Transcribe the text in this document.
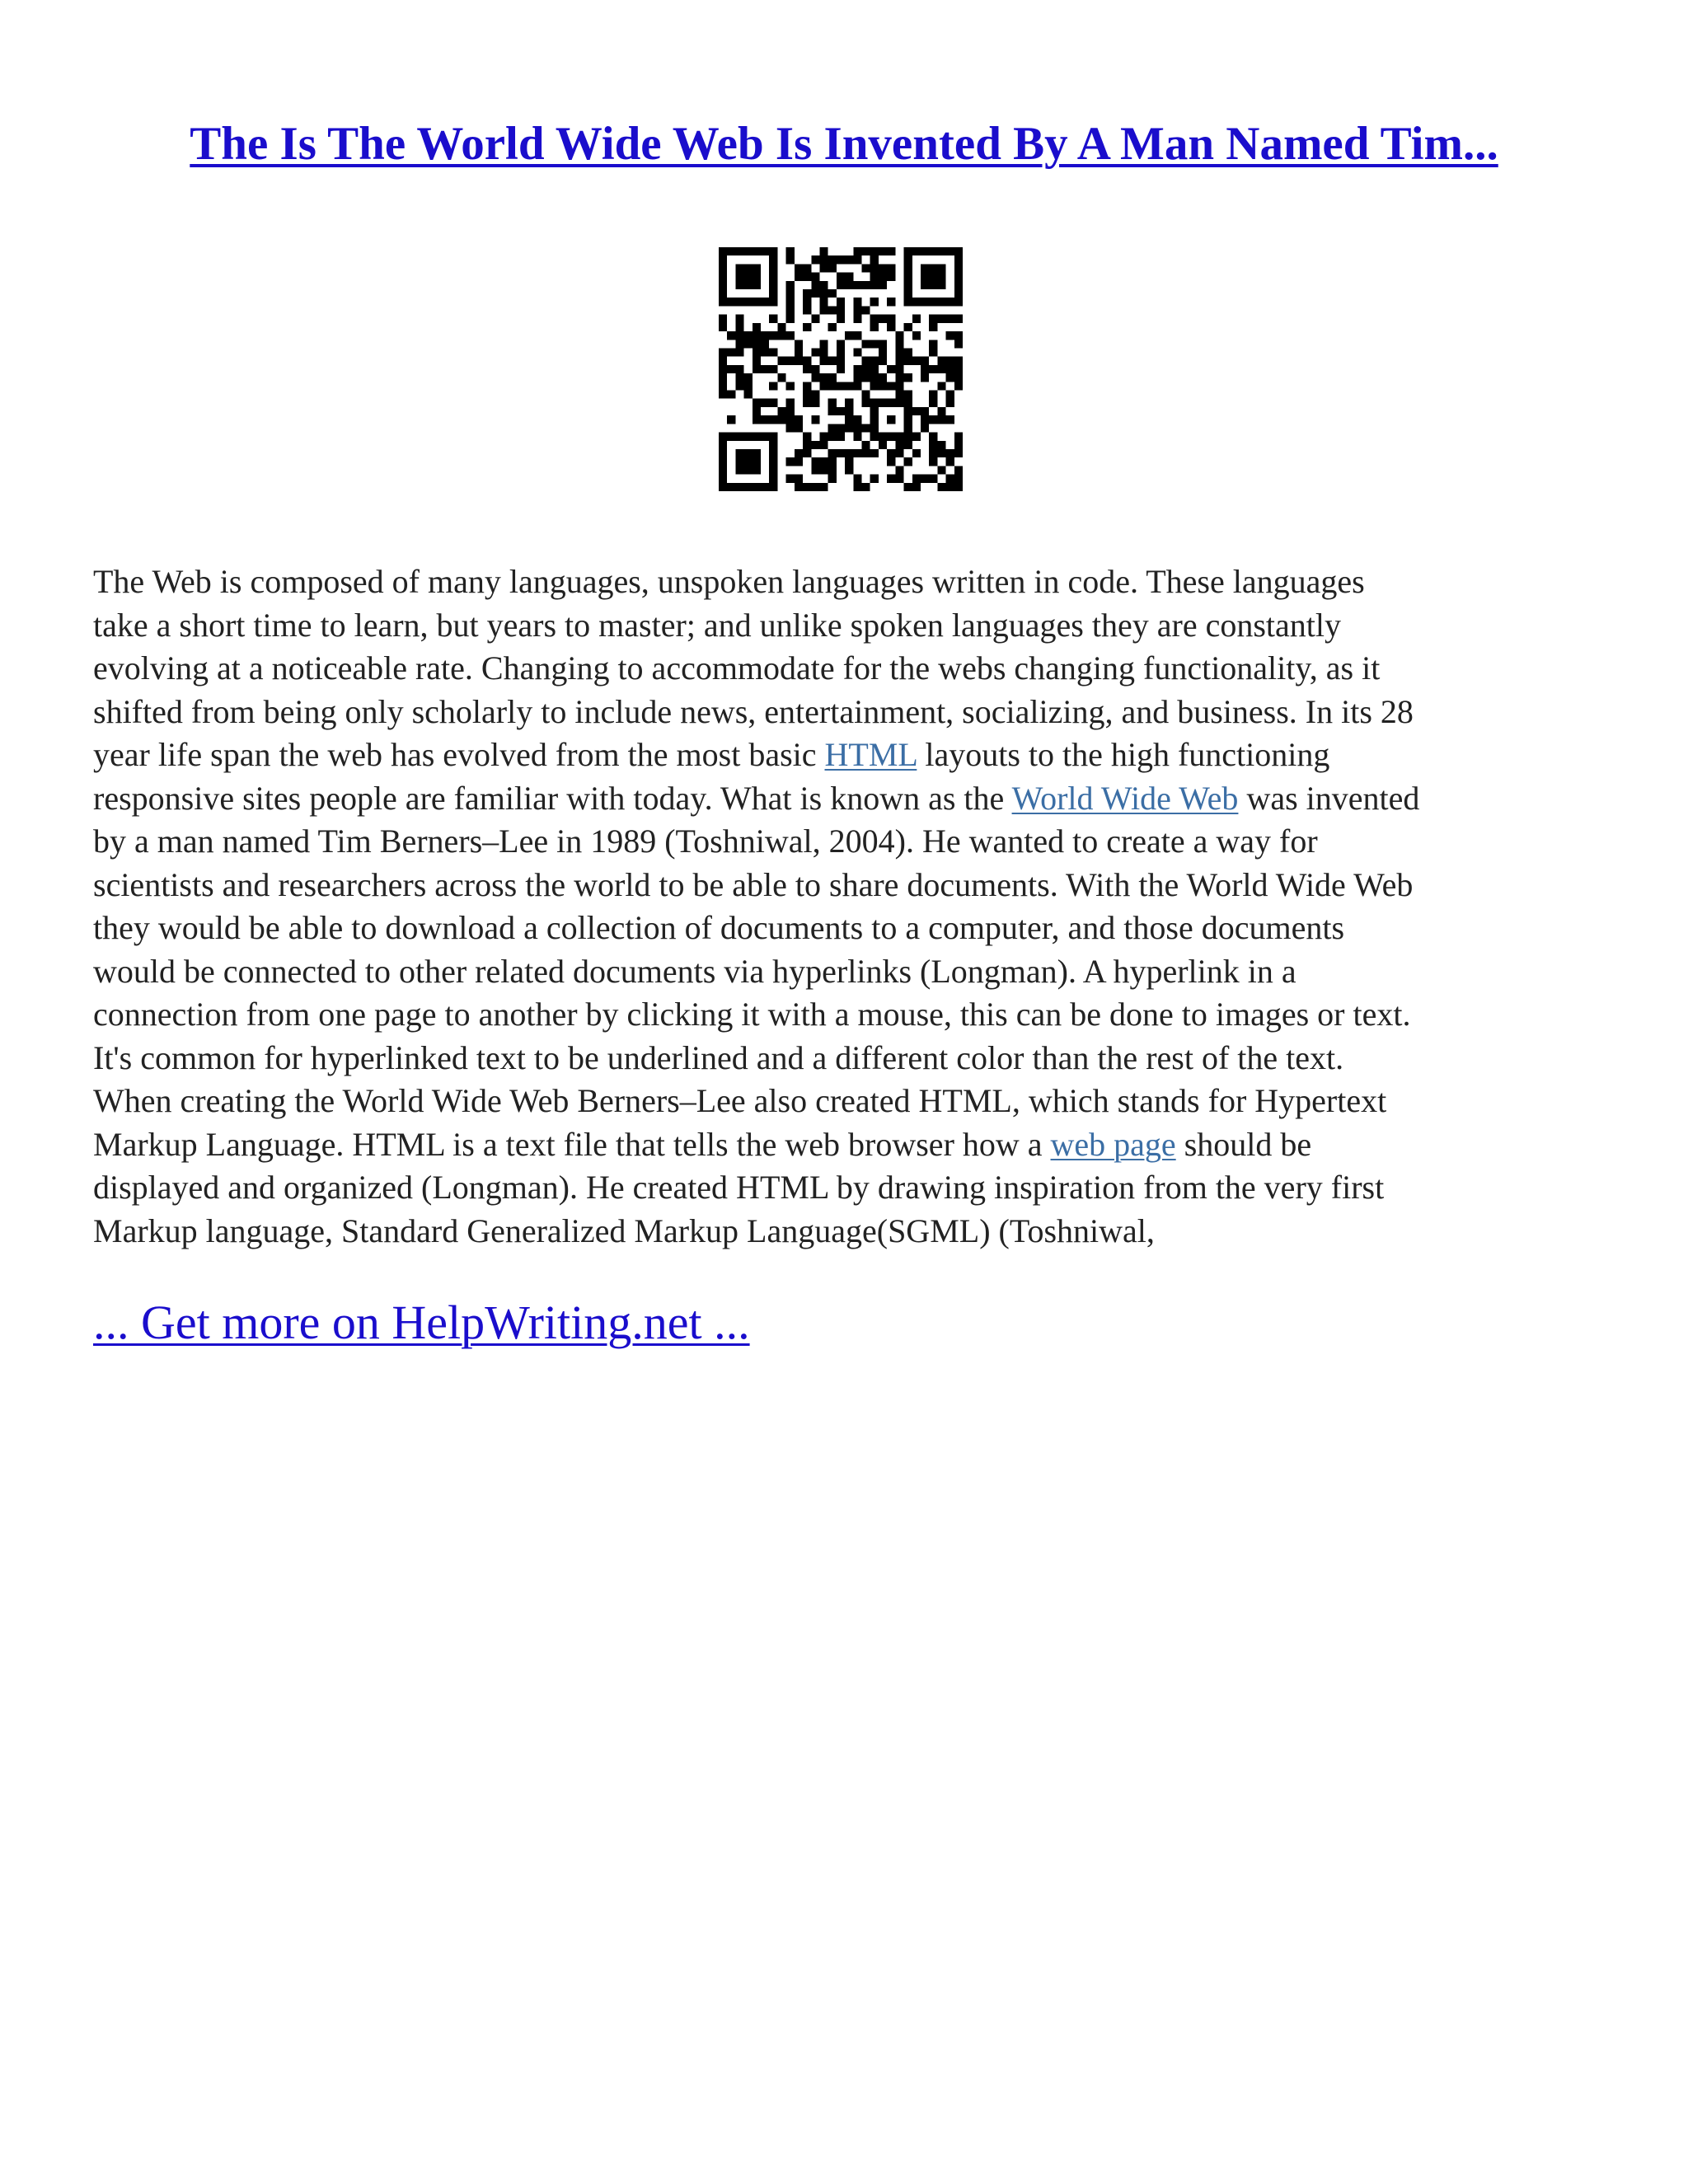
The Is The World Wide Web Is Invented By A Man Named Tim...
The Web is composed of many languages, unspoken languages written in code. These languages
take a short time to learn, but years to master; and unlike spoken languages they are constantly
evolving at a noticeable rate. Changing to accommodate for the webs changing functionality, as it
shifted from being only scholarly to include news, entertainment, socializing, and business. In its 28
year life span the web has evolved from the most basic HTML layouts to the high functioning
responsive sites people are familiar with today. What is known as the World Wide Web was invented
by a man named Tim Berners–Lee in 1989 (Toshniwal, 2004). He wanted to create a way for
scientists and researchers across the world to be able to share documents. With the World Wide Web
they would be able to download a collection of documents to a computer, and those documents
would be connected to other related documents via hyperlinks (Longman). A hyperlink in a
connection from one page to another by clicking it with a mouse, this can be done to images or text.
It's common for hyperlinked text to be underlined and a different color than the rest of the text.
When creating the World Wide Web Berners–Lee also created HTML, which stands for Hypertext
Markup Language. HTML is a text file that tells the web browser how a web page should be
displayed and organized (Longman). He created HTML by drawing inspiration from the very first
Markup language, Standard Generalized Markup Language(SGML) (Toshniwal,
... Get more on HelpWriting.net ...
